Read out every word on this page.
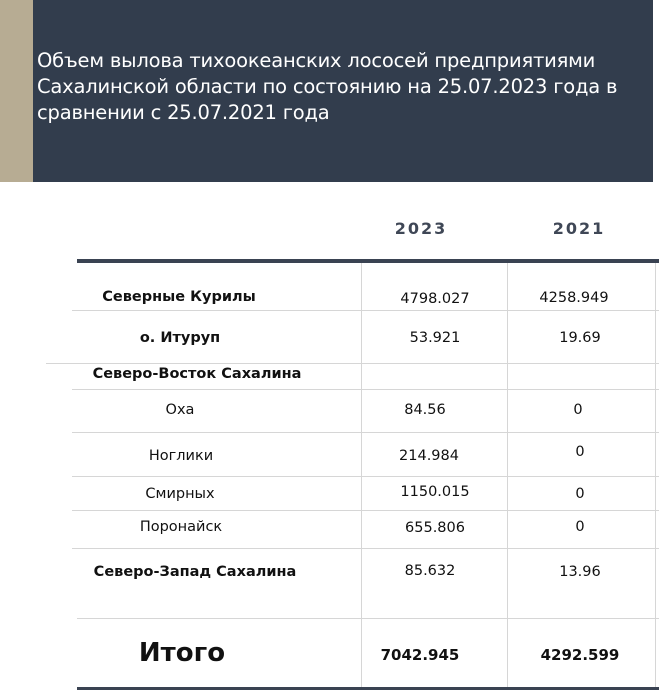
Объем вылова тихоокеанских лососей предприятиями Сахалинской области по состоянию на 25.07.2023 года в сравнении с 25.07.2021 года
2023	2021
Северные Курилы	4798.027	4258.949
о. Итуруп	53.921	19.69
Северо-Восток Сахалина
Оха	84.56	0
Ноглики	214.984	0
Смирных	1150.015	0
Поронайск	655.806	0
Северо-Запад Сахалина	85.632	13.96
Итого	7042.945	4292.599
